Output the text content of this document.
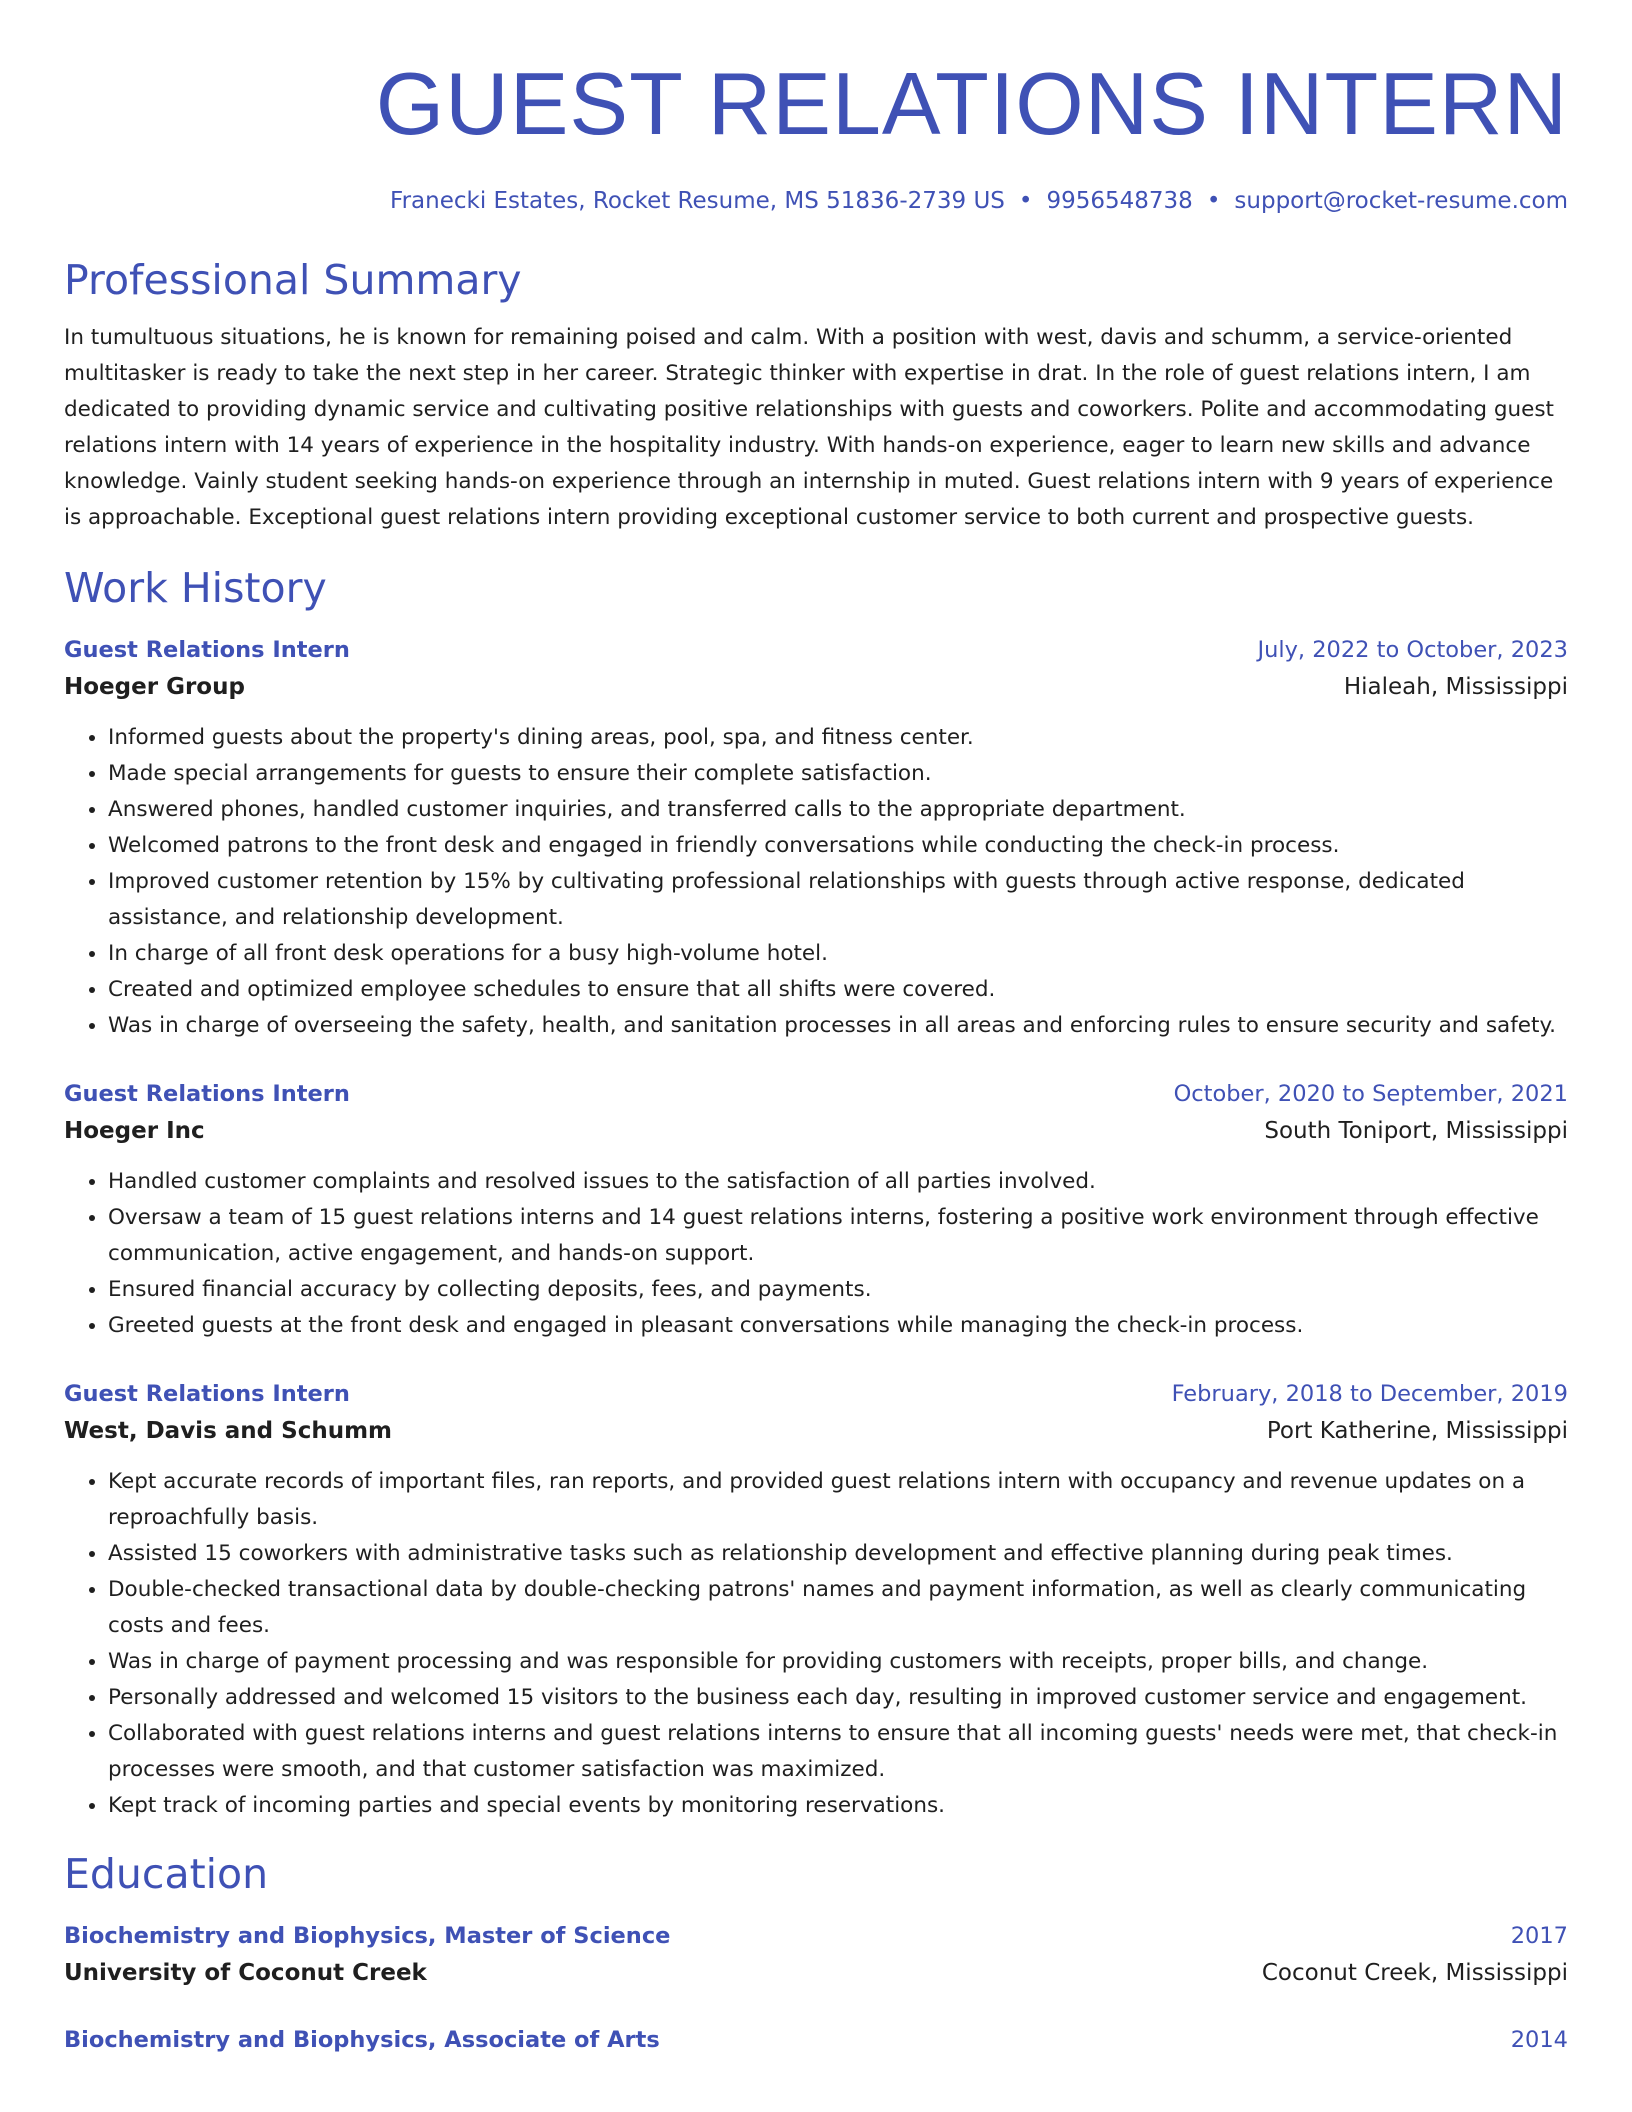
GUEST RELATIONS INTERN
Franecki Estates, Rocket Resume, MS 51836-2739 US • 9956548738 • support@rocket-resume.com
Professional Summary
In tumultuous situations, he is known for remaining poised and calm. With a position with west, davis and schumm, a service-oriented multitasker is ready to take the next step in her career. Strategic thinker with expertise in drat. In the role of guest relations intern, I am dedicated to providing dynamic service and cultivating positive relationships with guests and coworkers. Polite and accommodating guest relations intern with 14 years of experience in the hospitality industry. With hands-on experience, eager to learn new skills and advance knowledge. Vainly student seeking hands-on experience through an internship in muted. Guest relations intern with 9 years of experience is approachable. Exceptional guest relations intern providing exceptional customer service to both current and prospective guests.
Work History
Guest Relations Intern	July, 2022 to October, 2023
Hoeger Group	Hialeah, Mississippi
• Informed guests about the property's dining areas, pool, spa, and fitness center.
• Made special arrangements for guests to ensure their complete satisfaction.
• Answered phones, handled customer inquiries, and transferred calls to the appropriate department.
• Welcomed patrons to the front desk and engaged in friendly conversations while conducting the check-in process.
• Improved customer retention by 15% by cultivating professional relationships with guests through active response, dedicated assistance, and relationship development.
• In charge of all front desk operations for a busy high-volume hotel.
• Created and optimized employee schedules to ensure that all shifts were covered.
• Was in charge of overseeing the safety, health, and sanitation processes in all areas and enforcing rules to ensure security and safety.
Guest Relations Intern	October, 2020 to September, 2021
Hoeger Inc	South Toniport, Mississippi
• Handled customer complaints and resolved issues to the satisfaction of all parties involved.
• Oversaw a team of 15 guest relations interns and 14 guest relations interns, fostering a positive work environment through effective communication, active engagement, and hands-on support.
• Ensured financial accuracy by collecting deposits, fees, and payments.
• Greeted guests at the front desk and engaged in pleasant conversations while managing the check-in process.
Guest Relations Intern	February, 2018 to December, 2019
West, Davis and Schumm	Port Katherine, Mississippi
• Kept accurate records of important files, ran reports, and provided guest relations intern with occupancy and revenue updates on a reproachfully basis.
• Assisted 15 coworkers with administrative tasks such as relationship development and effective planning during peak times.
• Double-checked transactional data by double-checking patrons' names and payment information, as well as clearly communicating costs and fees.
• Was in charge of payment processing and was responsible for providing customers with receipts, proper bills, and change.
• Personally addressed and welcomed 15 visitors to the business each day, resulting in improved customer service and engagement.
• Collaborated with guest relations interns and guest relations interns to ensure that all incoming guests' needs were met, that check-in processes were smooth, and that customer satisfaction was maximized.
• Kept track of incoming parties and special events by monitoring reservations.
Education
Biochemistry and Biophysics, Master of Science	2017
University of Coconut Creek	Coconut Creek, Mississippi
Biochemistry and Biophysics, Associate of Arts	2014
